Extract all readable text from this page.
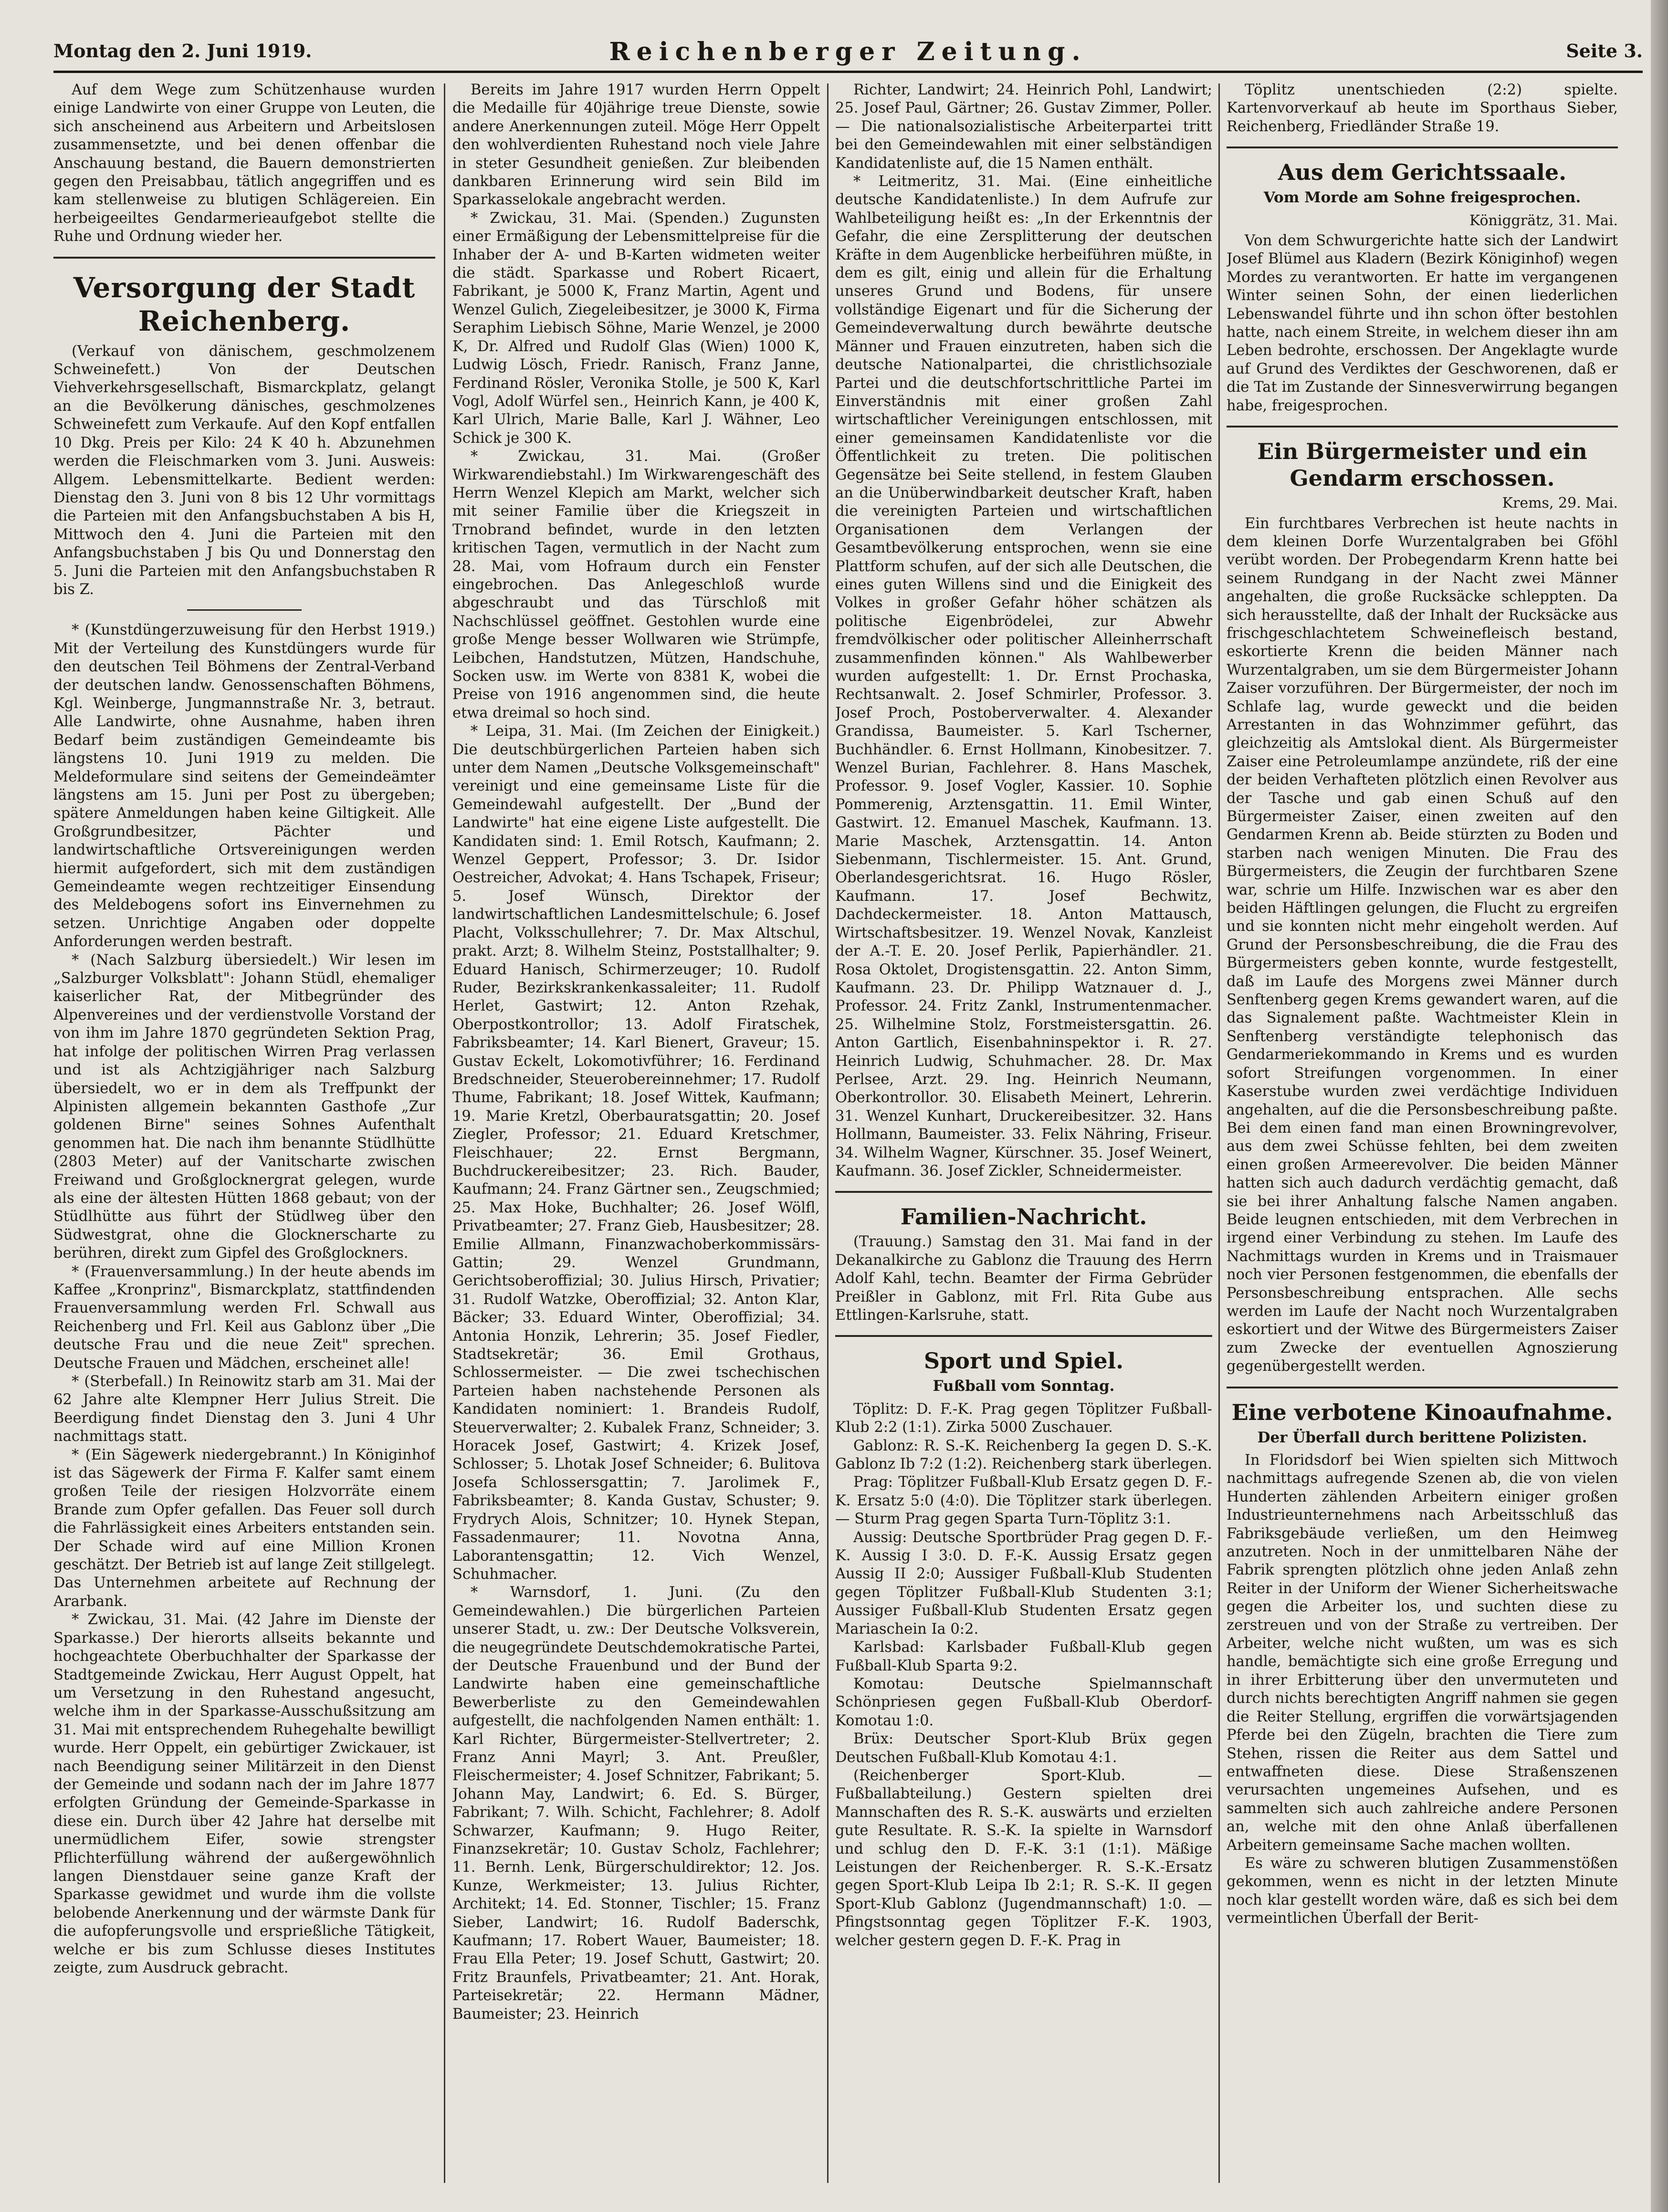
Montag den 2. Juni 1919.	Reichenberger Zeitung.	Seite 3.

Auf dem Wege zum Schützenhause wurden einige Landwirte von einer Gruppe von Leuten, die sich anscheinend aus Arbeitern und Arbeitslosen zusammensetzte, und bei denen offenbar die Anschauung bestand, die Bauern demonstrierten gegen den Preisabbau, tätlich angegriffen und es kam stellenweise zu blutigen Schlägereien. Ein herbeigeeiltes Gendarmerieaufgebot stellte die Ruhe und Ordnung wieder her.

Versorgung der Stadt Reichenberg.

(Verkauf von dänischem, geschmolzenem Schweinefett.) Von der Deutschen Viehverkehrsgesellschaft, Bismarckplatz, gelangt an die Bevölkerung dänisches, geschmolzenes Schweinefett zum Verkaufe. Auf den Kopf entfallen 10 Dkg. Preis per Kilo: 24 K 40 h. Abzunehmen werden die Fleischmarken vom 3. Juni. Ausweis: Allgem. Lebensmittelkarte. Bedient werden: Dienstag den 3. Juni von 8 bis 12 Uhr vormittags die Parteien mit den Anfangsbuchstaben A bis H, Mittwoch den 4. Juni die Parteien mit den Anfangsbuchstaben J bis Qu und Donnerstag den 5. Juni die Parteien mit den Anfangsbuchstaben R bis Z.

* (Kunstdüngerzuweisung für den Herbst 1919.) Mit der Verteilung des Kunstdüngers wurde für den deutschen Teil Böhmens der Zentral-Verband der deutschen landw. Genossenschaften Böhmens, Kgl. Weinberge, Jungmannstraße Nr. 3, betraut. Alle Landwirte, ohne Ausnahme, haben ihren Bedarf beim zuständigen Gemeindeamte bis längstens 10. Juni 1919 zu melden. Die Meldeformulare sind seitens der Gemeindeämter längstens am 15. Juni per Post zu übergeben; spätere Anmeldungen haben keine Giltigkeit. Alle Großgrundbesitzer, Pächter und landwirtschaftliche Ortsvereinigungen werden hiermit aufgefordert, sich mit dem zuständigen Gemeindeamte wegen rechtzeitiger Einsendung des Meldebogens sofort ins Einvernehmen zu setzen. Unrichtige Angaben oder doppelte Anforderungen werden bestraft.

* (Nach Salzburg übersiedelt.) Wir lesen im „Salzburger Volksblatt": Johann Stüdl, ehemaliger kaiserlicher Rat, der Mitbegründer des Alpenvereines und der verdienstvolle Vorstand der von ihm im Jahre 1870 gegründeten Sektion Prag, hat infolge der politischen Wirren Prag verlassen und ist als Achtzigjähriger nach Salzburg übersiedelt, wo er in dem als Treffpunkt der Alpinisten allgemein bekannten Gasthofe „Zur goldenen Birne" seines Sohnes Aufenthalt genommen hat. Die nach ihm benannte Stüdlhütte (2803 Meter) auf der Vanitscharte zwischen Freiwand und Großglocknergrat gelegen, wurde als eine der ältesten Hütten 1868 gebaut; von der Stüdlhütte aus führt der Stüdlweg über den Südwestgrat, ohne die Glocknerscharte zu berühren, direkt zum Gipfel des Großglockners.

* (Frauenversammlung.) In der heute abends im Kaffee „Kronprinz", Bismarckplatz, stattfindenden Frauenversammlung werden Frl. Schwall aus Reichenberg und Frl. Keil aus Gablonz über „Die deutsche Frau und die neue Zeit" sprechen. Deutsche Frauen und Mädchen, erscheinet alle!

* (Sterbefall.) In Reinowitz starb am 31. Mai der 62 Jahre alte Klempner Herr Julius Streit. Die Beerdigung findet Dienstag den 3. Juni 4 Uhr nachmittags statt.

* (Ein Sägewerk niedergebrannt.) In Königinhof ist das Sägewerk der Firma F. Kalfer samt einem großen Teile der riesigen Holzvorräte einem Brande zum Opfer gefallen. Das Feuer soll durch die Fahrlässigkeit eines Arbeiters entstanden sein. Der Schade wird auf eine Million Kronen geschätzt. Der Betrieb ist auf lange Zeit stillgelegt. Das Unternehmen arbeitete auf Rechnung der Ararbank.

* Zwickau, 31. Mai. (42 Jahre im Dienste der Sparkasse.) Der hierorts allseits bekannte und hochgeachtete Oberbuchhalter der Sparkasse der Stadtgemeinde Zwickau, Herr August Oppelt, hat um Versetzung in den Ruhestand angesucht, welche ihm in der Sparkasse-Ausschußsitzung am 31. Mai mit entsprechendem Ruhegehalte bewilligt wurde. Herr Oppelt, ein gebürtiger Zwickauer, ist nach Beendigung seiner Militärzeit in den Dienst der Gemeinde und sodann nach der im Jahre 1877 erfolgten Gründung der Gemeinde-Sparkasse in diese ein. Durch über 42 Jahre hat derselbe mit unermüdlichem Eifer, sowie strengster Pflichterfüllung während der außergewöhnlich langen Dienstdauer seine ganze Kraft der Sparkasse gewidmet und wurde ihm die vollste belobende Anerkennung und der wärmste Dank für die aufopferungsvolle und ersprießliche Tätigkeit, welche er bis zum Schlusse dieses Institutes zeigte, zum Ausdruck gebracht.

Bereits im Jahre 1917 wurden Herrn Oppelt die Medaille für 40jährige treue Dienste, sowie andere Anerkennungen zuteil. Möge Herr Oppelt den wohlverdienten Ruhestand noch viele Jahre in steter Gesundheit genießen. Zur bleibenden dankbaren Erinnerung wird sein Bild im Sparkasselokale angebracht werden.

* Zwickau, 31. Mai. (Spenden.) Zugunsten einer Ermäßigung der Lebensmittelpreise für die Inhaber der A- und B-Karten widmeten weiter die städt. Sparkasse und Robert Ricaert, Fabrikant, je 5000 K, Franz Martin, Agent und Wenzel Gulich, Ziegeleibesitzer, je 3000 K, Firma Seraphim Liebisch Söhne, Marie Wenzel, je 2000 K, Dr. Alfred und Rudolf Glas (Wien) 1000 K, Ludwig Lösch, Friedr. Ranisch, Franz Janne, Ferdinand Rösler, Veronika Stolle, je 500 K, Karl Vogl, Adolf Würfel sen., Heinrich Kann, je 400 K, Karl Ulrich, Marie Balle, Karl J. Wähner, Leo Schick je 300 K.

* Zwickau, 31. Mai. (Großer Wirkwarendiebstahl.) Im Wirkwarengeschäft des Herrn Wenzel Klepich am Markt, welcher sich mit seiner Familie über die Kriegszeit in Trnobrand befindet, wurde in den letzten kritischen Tagen, vermutlich in der Nacht zum 28. Mai, vom Hofraum durch ein Fenster eingebrochen. Das Anlegeschloß wurde abgeschraubt und das Türschloß mit Nachschlüssel geöffnet. Gestohlen wurde eine große Menge besser Wollwaren wie Strümpfe, Leibchen, Handstutzen, Mützen, Handschuhe, Socken usw. im Werte von 8381 K, wobei die Preise von 1916 angenommen sind, die heute etwa dreimal so hoch sind.

* Leipa, 31. Mai. (Im Zeichen der Einigkeit.) Die deutschbürgerlichen Parteien haben sich unter dem Namen „Deutsche Volksgemeinschaft" vereinigt und eine gemeinsame Liste für die Gemeindewahl aufgestellt. Der „Bund der Landwirte" hat eine eigene Liste aufgestellt. Die Kandidaten sind: 1. Emil Rotsch, Kaufmann; 2. Wenzel Geppert, Professor; 3. Dr. Isidor Oestreicher, Advokat; 4. Hans Tschapek, Friseur; 5. Josef Wünsch, Direktor der landwirtschaftlichen Landesmittelschule; 6. Josef Placht, Volksschullehrer; 7. Dr. Max Altschul, prakt. Arzt; 8. Wilhelm Steinz, Poststallhalter; 9. Eduard Hanisch, Schirmerzeuger; 10. Rudolf Ruder, Bezirkskrankenkassaleiter; 11. Rudolf Herlet, Gastwirt; 12. Anton Rzehak, Oberpostkontrollor; 13. Adolf Firatschek, Fabriksbeamter; 14. Karl Bienert, Graveur; 15. Gustav Eckelt, Lokomotivführer; 16. Ferdinand Bredschneider, Steuerobereinnehmer; 17. Rudolf Thume, Fabrikant; 18. Josef Wittek, Kaufmann; 19. Marie Kretzl, Oberbauratsgattin; 20. Josef Ziegler, Professor; 21. Eduard Kretschmer, Fleischhauer; 22. Ernst Bergmann, Buchdruckereibesitzer; 23. Rich. Bauder, Kaufmann; 24. Franz Gärtner sen., Zeugschmied; 25. Max Hoke, Buchhalter; 26. Josef Wölfl, Privatbeamter; 27. Franz Gieb, Hausbesitzer; 28. Emilie Allmann, Finanzwachoberkommissärs-Gattin; 29. Wenzel Grundmann, Gerichtsoberoffizial; 30. Julius Hirsch, Privatier; 31. Rudolf Watzke, Oberoffizial; 32. Anton Klar, Bäcker; 33. Eduard Winter, Oberoffizial; 34. Antonia Honzik, Lehrerin; 35. Josef Fiedler, Stadtsekretär; 36. Emil Grothaus, Schlossermeister. — Die zwei tschechischen Parteien haben nachstehende Personen als Kandidaten nominiert: 1. Brandeis Rudolf, Steuerverwalter; 2. Kubalek Franz, Schneider; 3. Horacek Josef, Gastwirt; 4. Krizek Josef, Schlosser; 5. Lhotak Josef Schneider; 6. Bulitova Josefa Schlossersgattin; 7. Jarolimek F., Fabriksbeamter; 8. Kanda Gustav, Schuster; 9. Frydrych Alois, Schnitzer; 10. Hynek Stepan, Fassadenmaurer; 11. Novotna Anna, Laborantensgattin; 12. Vich Wenzel, Schuhmacher.

* Warnsdorf, 1. Juni. (Zu den Gemeindewahlen.) Die bürgerlichen Parteien unserer Stadt, u. zw.: Der Deutsche Volksverein, die neugegründete Deutschdemokratische Partei, der Deutsche Frauenbund und der Bund der Landwirte haben eine gemeinschaftliche Bewerberliste zu den Gemeindewahlen aufgestellt, die nachfolgenden Namen enthält: 1. Karl Richter, Bürgermeister-Stellvertreter; 2. Franz Anni Mayrl; 3. Ant. Preußler, Fleischermeister; 4. Josef Schnitzer, Fabrikant; 5. Johann May, Landwirt; 6. Ed. S. Bürger, Fabrikant; 7. Wilh. Schicht, Fachlehrer; 8. Adolf Schwarzer, Kaufmann; 9. Hugo Reiter, Finanzsekretär; 10. Gustav Scholz, Fachlehrer; 11. Bernh. Lenk, Bürgerschuldirektor; 12. Jos. Kunze, Werkmeister; 13. Julius Richter, Architekt; 14. Ed. Stonner, Tischler; 15. Franz Sieber, Landwirt; 16. Rudolf Baderschk, Kaufmann; 17. Robert Wauer, Baumeister; 18. Frau Ella Peter; 19. Josef Schutt, Gastwirt; 20. Fritz Braunfels, Privatbeamter; 21. Ant. Horak, Parteisekretär; 22. Hermann Mädner, Baumeister; 23. Heinrich

Richter, Landwirt; 24. Heinrich Pohl, Landwirt; 25. Josef Paul, Gärtner; 26. Gustav Zimmer, Poller. — Die nationalsozialistische Arbeiterpartei tritt bei den Gemeindewahlen mit einer selbständigen Kandidatenliste auf, die 15 Namen enthält.

* Leitmeritz, 31. Mai. (Eine einheitliche deutsche Kandidatenliste.) In dem Aufrufe zur Wahlbeteiligung heißt es: „In der Erkenntnis der Gefahr, die eine Zersplitterung der deutschen Kräfte in dem Augenblicke herbeiführen müßte, in dem es gilt, einig und allein für die Erhaltung unseres Grund und Bodens, für unsere vollständige Eigenart und für die Sicherung der Gemeindeverwaltung durch bewährte deutsche Männer und Frauen einzutreten, haben sich die deutsche Nationalpartei, die christlichsoziale Partei und die deutschfortschrittliche Partei im Einverständnis mit einer großen Zahl wirtschaftlicher Vereinigungen entschlossen, mit einer gemeinsamen Kandidatenliste vor die Öffentlichkeit zu treten. Die politischen Gegensätze bei Seite stellend, in festem Glauben an die Unüberwindbarkeit deutscher Kraft, haben die vereinigten Parteien und wirtschaftlichen Organisationen dem Verlangen der Gesamtbevölkerung entsprochen, wenn sie eine Plattform schufen, auf der sich alle Deutschen, die eines guten Willens sind und die Einigkeit des Volkes in großer Gefahr höher schätzen als politische Eigenbrödelei, zur Abwehr fremdvölkischer oder politischer Alleinherrschaft zusammenfinden können." Als Wahlbewerber wurden aufgestellt: 1. Dr. Ernst Prochaska, Rechtsanwalt. 2. Josef Schmirler, Professor. 3. Josef Proch, Postoberverwalter. 4. Alexander Grandissa, Baumeister. 5. Karl Tscherner, Buchhändler. 6. Ernst Hollmann, Kinobesitzer. 7. Wenzel Burian, Fachlehrer. 8. Hans Maschek, Professor. 9. Josef Vogler, Kassier. 10. Sophie Pommerenig, Arztensgattin. 11. Emil Winter, Gastwirt. 12. Emanuel Maschek, Kaufmann. 13. Marie Maschek, Arztensgattin. 14. Anton Siebenmann, Tischlermeister. 15. Ant. Grund, Oberlandesgerichtsrat. 16. Hugo Rösler, Kaufmann. 17. Josef Bechwitz, Dachdeckermeister. 18. Anton Mattausch, Wirtschaftsbesitzer. 19. Wenzel Novak, Kanzleist der A.-T. E. 20. Josef Perlik, Papierhändler. 21. Rosa Oktolet, Drogistensgattin. 22. Anton Simm, Kaufmann. 23. Dr. Philipp Watznauer d. J., Professor. 24. Fritz Zankl, Instrumentenmacher. 25. Wilhelmine Stolz, Forstmeistersgattin. 26. Anton Gartlich, Eisenbahninspektor i. R. 27. Heinrich Ludwig, Schuhmacher. 28. Dr. Max Perlsee, Arzt. 29. Ing. Heinrich Neumann, Oberkontrollor. 30. Elisabeth Meinert, Lehrerin. 31. Wenzel Kunhart, Druckereibesitzer. 32. Hans Hollmann, Baumeister. 33. Felix Nähring, Friseur. 34. Wilhelm Wagner, Kürschner. 35. Josef Weinert, Kaufmann. 36. Josef Zickler, Schneidermeister.

Familien-Nachricht.

(Trauung.) Samstag den 31. Mai fand in der Dekanalkirche zu Gablonz die Trauung des Herrn Adolf Kahl, techn. Beamter der Firma Gebrüder Preißler in Gablonz, mit Frl. Rita Gube aus Ettlingen-Karlsruhe, statt.

Sport und Spiel.
Fußball vom Sonntag.

Töplitz: D. F.-K. Prag gegen Töplitzer Fußball-Klub 2:2 (1:1). Zirka 5000 Zuschauer.

Gablonz: R. S.-K. Reichenberg Ia gegen D. S.-K. Gablonz Ib 7:2 (1:2). Reichenberg stark überlegen.

Prag: Töplitzer Fußball-Klub Ersatz gegen D. F.-K. Ersatz 5:0 (4:0). Die Töplitzer stark überlegen. — Sturm Prag gegen Sparta Turn-Töplitz 3:1.

Aussig: Deutsche Sportbrüder Prag gegen D. F.-K. Aussig I 3:0. D. F.-K. Aussig Ersatz gegen Aussig II 2:0; Aussiger Fußball-Klub Studenten gegen Töplitzer Fußball-Klub Studenten 3:1; Aussiger Fußball-Klub Studenten Ersatz gegen Mariaschein Ia 0:2.

Karlsbad: Karlsbader Fußball-Klub gegen Fußball-Klub Sparta 9:2.

Komotau: Deutsche Spielmannschaft Schönpriesen gegen Fußball-Klub Oberdorf-Komotau 1:0.

Brüx: Deutscher Sport-Klub Brüx gegen Deutschen Fußball-Klub Komotau 4:1.

(Reichenberger Sport-Klub. — Fußballabteilung.) Gestern spielten drei Mannschaften des R. S.-K. auswärts und erzielten gute Resultate. R. S.-K. Ia spielte in Warnsdorf und schlug den D. F.-K. 3:1 (1:1). Mäßige Leistungen der Reichenberger. R. S.-K.-Ersatz gegen Sport-Klub Leipa Ib 2:1; R. S.-K. II gegen Sport-Klub Gablonz (Jugendmannschaft) 1:0. — Pfingstsonntag gegen Töplitzer F.-K. 1903, welcher gestern gegen D. F.-K. Prag in

Töplitz unentschieden (2:2) spielte. Kartenvorverkauf ab heute im Sporthaus Sieber, Reichenberg, Friedländer Straße 19.

Aus dem Gerichtssaale.
Vom Morde am Sohne freigesprochen.
Königgrätz, 31. Mai.

Von dem Schwurgerichte hatte sich der Landwirt Josef Blümel aus Kladern (Bezirk Königinhof) wegen Mordes zu verantworten. Er hatte im vergangenen Winter seinen Sohn, der einen liederlichen Lebenswandel führte und ihn schon öfter bestohlen hatte, nach einem Streite, in welchem dieser ihn am Leben bedrohte, erschossen. Der Angeklagte wurde auf Grund des Verdiktes der Geschworenen, daß er die Tat im Zustande der Sinnesverwirrung begangen habe, freigesprochen.

Ein Bürgermeister und ein Gendarm erschossen.
Krems, 29. Mai.

Ein furchtbares Verbrechen ist heute nachts in dem kleinen Dorfe Wurzentalgraben bei Gföhl verübt worden. Der Probegendarm Krenn hatte bei seinem Rundgang in der Nacht zwei Männer angehalten, die große Rucksäcke schleppten. Da sich herausstellte, daß der Inhalt der Rucksäcke aus frischgeschlachtetem Schweinefleisch bestand, eskortierte Krenn die beiden Männer nach Wurzentalgraben, um sie dem Bürgermeister Johann Zaiser vorzuführen. Der Bürgermeister, der noch im Schlafe lag, wurde geweckt und die beiden Arrestanten in das Wohnzimmer geführt, das gleichzeitig als Amtslokal dient. Als Bürgermeister Zaiser eine Petroleumlampe anzündete, riß der eine der beiden Verhafteten plötzlich einen Revolver aus der Tasche und gab einen Schuß auf den Bürgermeister Zaiser, einen zweiten auf den Gendarmen Krenn ab. Beide stürzten zu Boden und starben nach wenigen Minuten. Die Frau des Bürgermeisters, die Zeugin der furchtbaren Szene war, schrie um Hilfe. Inzwischen war es aber den beiden Häftlingen gelungen, die Flucht zu ergreifen und sie konnten nicht mehr eingeholt werden. Auf Grund der Personsbeschreibung, die die Frau des Bürgermeisters geben konnte, wurde festgestellt, daß im Laufe des Morgens zwei Männer durch Senftenberg gegen Krems gewandert waren, auf die das Signalement paßte. Wachtmeister Klein in Senftenberg verständigte telephonisch das Gendarmeriekommando in Krems und es wurden sofort Streifungen vorgenommen. In einer Kaserstube wurden zwei verdächtige Individuen angehalten, auf die die Personsbeschreibung paßte. Bei dem einen fand man einen Browningrevolver, aus dem zwei Schüsse fehlten, bei dem zweiten einen großen Armeerevolver. Die beiden Männer hatten sich auch dadurch verdächtig gemacht, daß sie bei ihrer Anhaltung falsche Namen angaben. Beide leugnen entschieden, mit dem Verbrechen in irgend einer Verbindung zu stehen. Im Laufe des Nachmittags wurden in Krems und in Traismauer noch vier Personen festgenommen, die ebenfalls der Personsbeschreibung entsprachen. Alle sechs werden im Laufe der Nacht noch Wurzentalgraben eskortiert und der Witwe des Bürgermeisters Zaiser zum Zwecke der eventuellen Agnoszierung gegenübergestellt werden.

Eine verbotene Kinoaufnahme.
Der Überfall durch berittene Polizisten.

In Floridsdorf bei Wien spielten sich Mittwoch nachmittags aufregende Szenen ab, die von vielen Hunderten zählenden Arbeitern einiger großen Industrieunternehmens nach Arbeitsschluß das Fabriksgebäude verließen, um den Heimweg anzutreten. Noch in der unmittelbaren Nähe der Fabrik sprengten plötzlich ohne jeden Anlaß zehn Reiter in der Uniform der Wiener Sicherheitswache gegen die Arbeiter los, und suchten diese zu zerstreuen und von der Straße zu vertreiben. Der Arbeiter, welche nicht wußten, um was es sich handle, bemächtigte sich eine große Erregung und in ihrer Erbitterung über den unvermuteten und durch nichts berechtigten Angriff nahmen sie gegen die Reiter Stellung, ergriffen die vorwärtsjagenden Pferde bei den Zügeln, brachten die Tiere zum Stehen, rissen die Reiter aus dem Sattel und entwaffneten diese. Diese Straßenszenen verursachten ungemeines Aufsehen, und es sammelten sich auch zahlreiche andere Personen an, welche mit den ohne Anlaß überfallenen Arbeitern gemeinsame Sache machen wollten.

Es wäre zu schweren blutigen Zusammenstößen gekommen, wenn es nicht in der letzten Minute noch klar gestellt worden wäre, daß es sich bei dem vermeintlichen Überfall der Berit-
